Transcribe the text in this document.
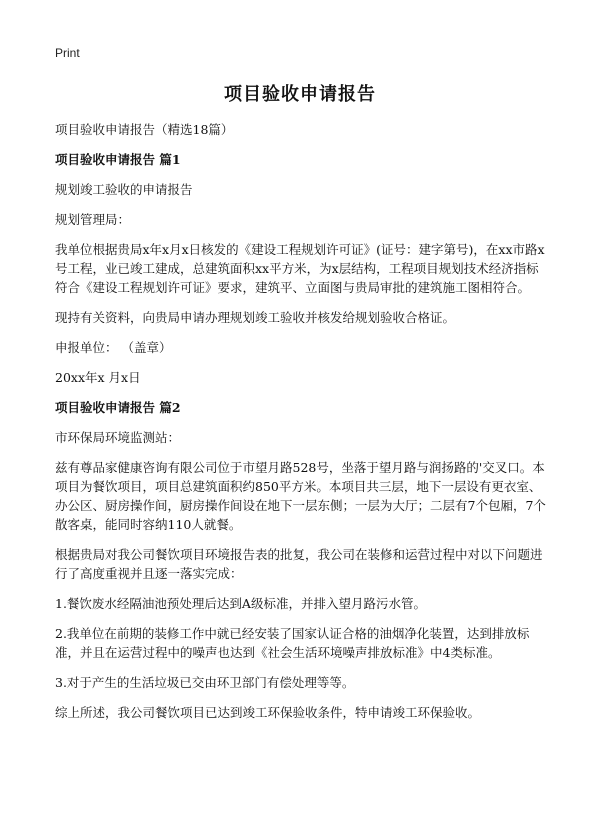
Print
项目验收申请报告

项目验收申请报告（精选18篇）

项目验收申请报告 篇1

规划竣工验收的申请报告

规划管理局：

我单位根据贵局x年x月x日核发的《建设工程规划许可证》(证号：建字第号)，在xx市路x号工程，业已竣工建成，总建筑面积xx平方米，为x层结构，工程项目规划技术经济指标符合《建设工程规划许可证》要求，建筑平、立面图与贵局审批的建筑施工图相符合。

现持有关资料，向贵局申请办理规划竣工验收并核发给规划验收合格证。

申报单位： （盖章）

20xx年x 月x日

项目验收申请报告 篇2

市环保局环境监测站：

兹有尊品家健康咨询有限公司位于市望月路528号，坐落于望月路与润扬路的'交叉口。本项目为餐饮项目，项目总建筑面积约850平方米。本项目共三层，地下一层设有更衣室、办公区、厨房操作间，厨房操作间设在地下一层东侧；一层为大厅；二层有7个包厢，7个散客桌，能同时容纳110人就餐。

根据贵局对我公司餐饮项目环境报告表的批复，我公司在装修和运营过程中对以下问题进行了高度重视并且逐一落实完成：

1.餐饮废水经隔油池预处理后达到A级标准，并排入望月路污水管。

2.我单位在前期的装修工作中就已经安装了国家认证合格的油烟净化装置，达到排放标准，并且在运营过程中的噪声也达到《社会生活环境噪声排放标准》中4类标准。

3.对于产生的生活垃圾已交由环卫部门有偿处理等等。

综上所述，我公司餐饮项目已达到竣工环保验收条件，特申请竣工环保验收。
